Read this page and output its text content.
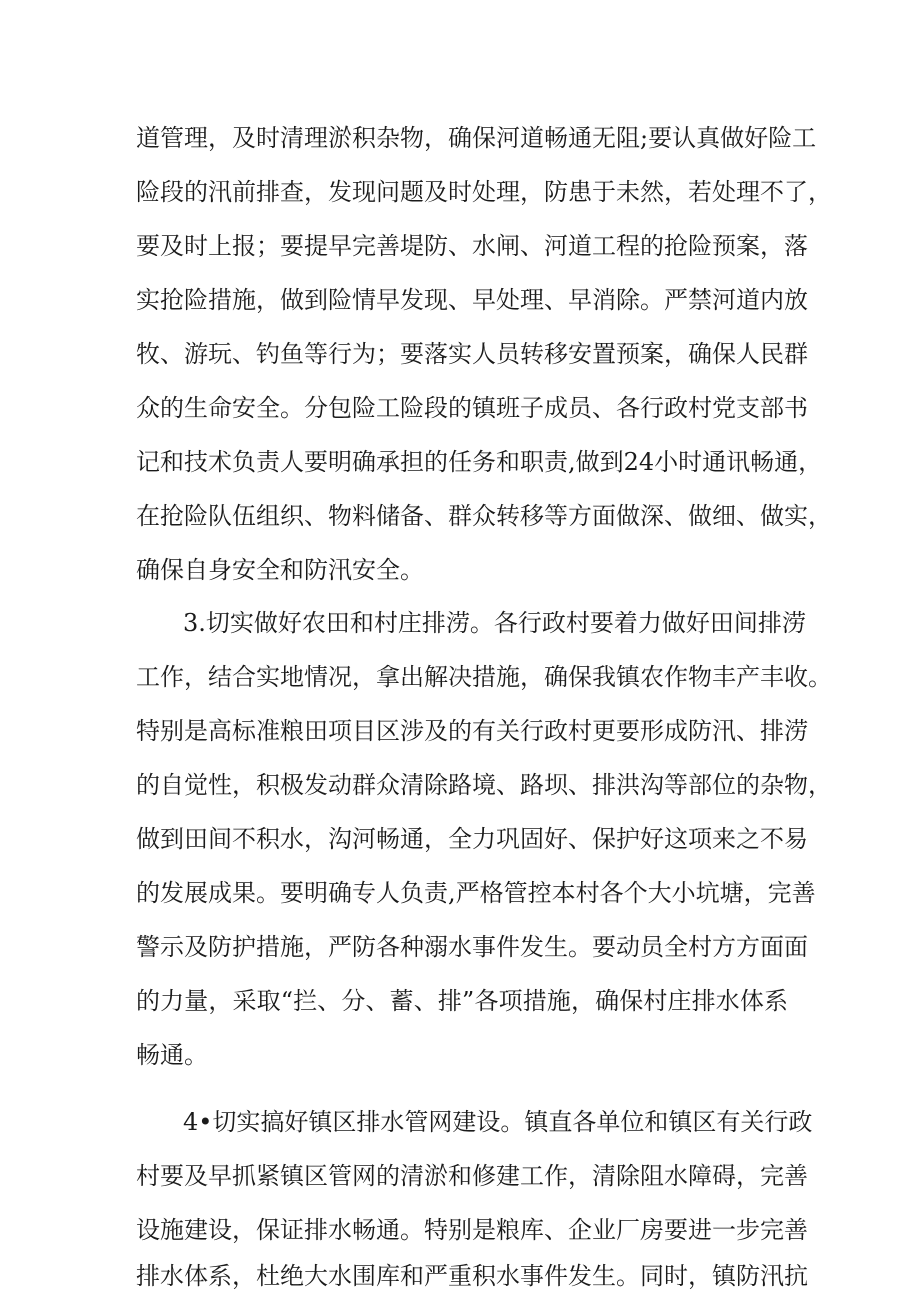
道管理，及时清理淤积杂物，确保河道畅通无阻;要认真做好险工
险段的汛前排查，发现问题及时处理，防患于未然，若处理不了，
要及时上报；要提早完善堤防、水闸、河道工程的抢险预案，落
实抢险措施，做到险情早发现、早处理、早消除。严禁河道内放
牧、游玩、钓鱼等行为；要落实人员转移安置预案，确保人民群
众的生命安全。分包险工险段的镇班子成员、各行政村党支部书
记和技术负责人要明确承担的任务和职责,做到24小时通讯畅通，
在抢险队伍组织、物料储备、群众转移等方面做深、做细、做实，
确保自身安全和防汛安全。
3.切实做好农田和村庄排涝。各行政村要着力做好田间排涝
工作，结合实地情况，拿出解决措施，确保我镇农作物丰产丰收。
特别是高标准粮田项目区涉及的有关行政村更要形成防汛、排涝
的自觉性，积极发动群众清除路境、路坝、排洪沟等部位的杂物，
做到田间不积水，沟河畅通，全力巩固好、保护好这项来之不易
的发展成果。要明确专人负责,严格管控本村各个大小坑塘，完善
警示及防护措施，严防各种溺水事件发生。要动员全村方方面面
的力量，采取“拦、分、蓄、排”各项措施，确保村庄排水体系
畅通。
4•切实搞好镇区排水管网建设。镇直各单位和镇区有关行政
村要及早抓紧镇区管网的清淤和修建工作，清除阻水障碍，完善
设施建设，保证排水畅通。特别是粮库、企业厂房要进一步完善
排水体系，杜绝大水围库和严重积水事件发生。同时，镇防汛抗
